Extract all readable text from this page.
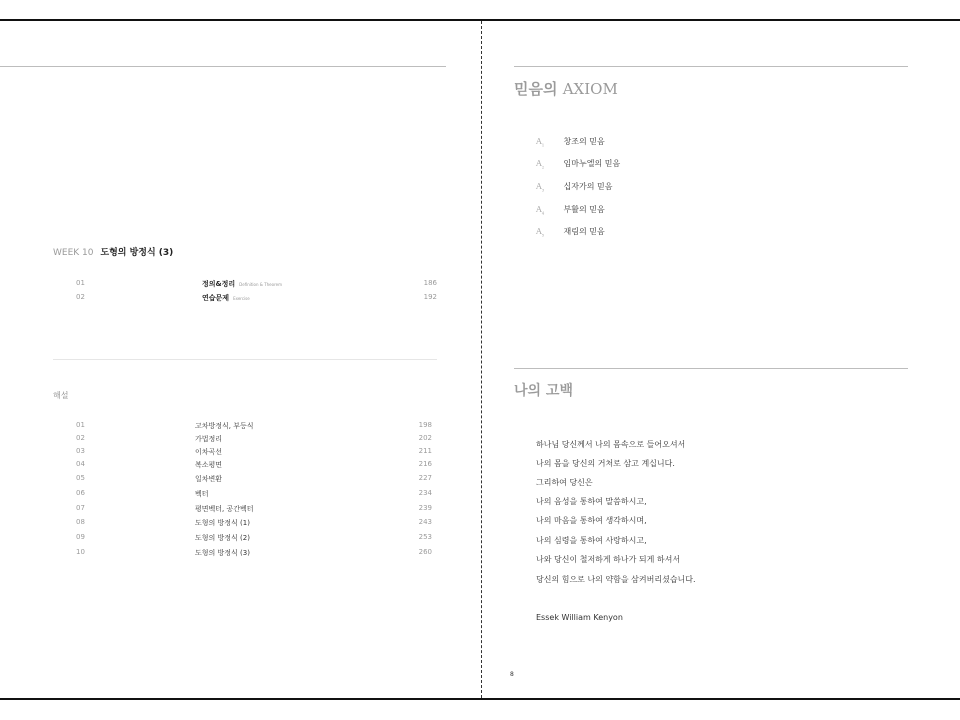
WEEK 10 도형의 방정식 (3)
01	정의&정리 Definition & Theorem	186
02	연습문제 Exercise	192
해설
01	고차방정식, 부등식	198
02	가법정리	202
03	이차곡선	211
04	복소평면	216
05	일차변환	227
06	벡터	234
07	평면벡터, 공간벡터	239
08	도형의 방정식 (1)	243
09	도형의 방정식 (2)	253
10	도형의 방정식 (3)	260
믿음의 AXIOM
$A_1$ 창조의 믿음
$A_2$ 임마누엘의 믿음
$A_3$ 십자가의 믿음
$A_4$ 부활의 믿음
$A_5$ 재림의 믿음
나의 고백
하나님 당신께서 나의 몸속으로 들어오셔서
나의 몸을 당신의 거처로 삼고 계십니다.
그리하여 당신은
나의 음성을 통하여 말씀하시고,
나의 마음을 통하여 생각하시며,
나의 심령을 통하여 사랑하시고,
나와 당신이 철저하게 하나가 되게 하셔서
당신의 힘으로 나의 약함을 삼켜버리셨습니다.
Essek William Kenyon
8
